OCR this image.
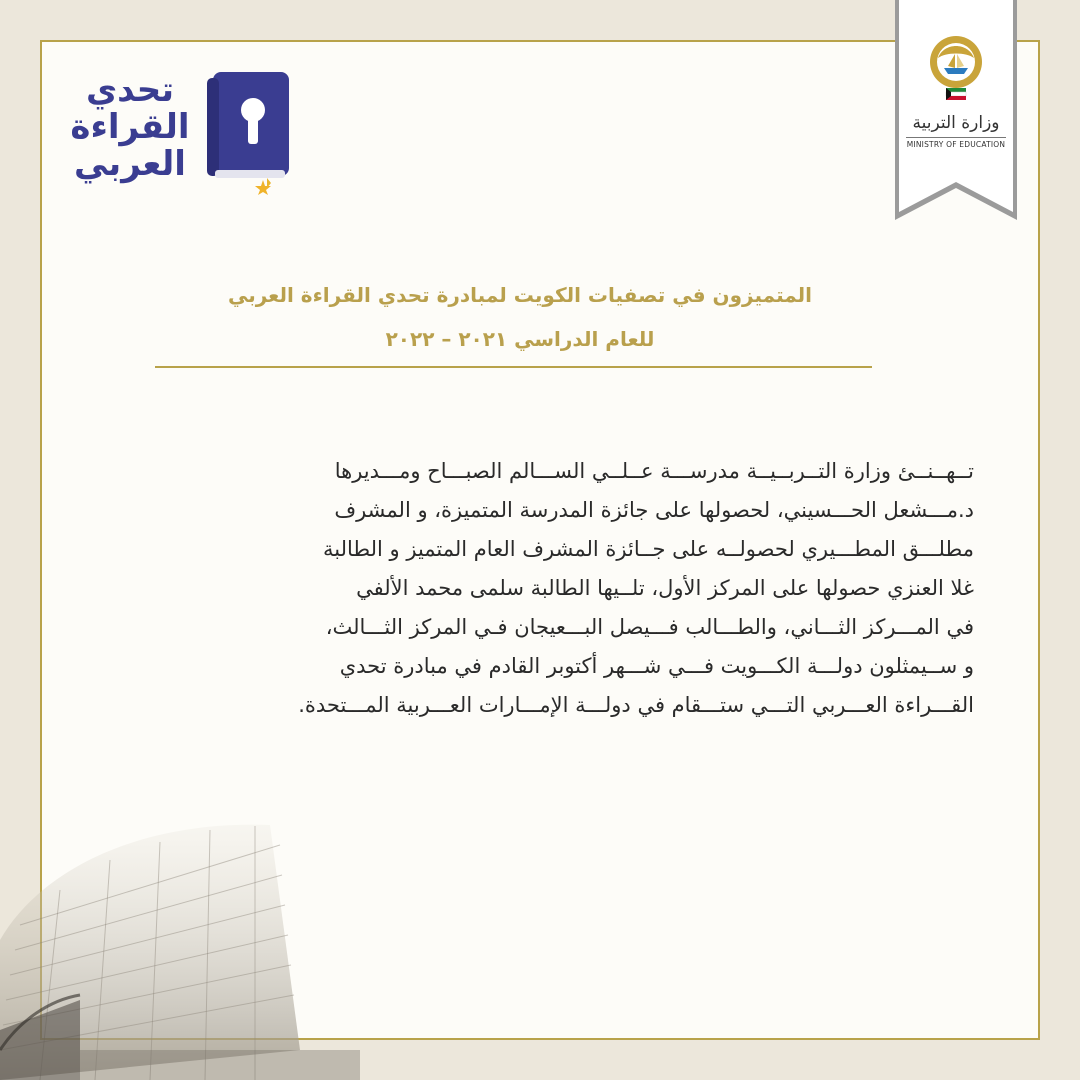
وزارة التربية
MINISTRY OF EDUCATION
تحدي
القراءة
العربي
المتميزون في تصفيات الكويت لمبادرة تحدي القراءة العربي
للعام الدراسي ٢٠٢١ – ٢٠٢٢

تــهــنــئ وزارة التــربــيــة مدرســـة عــلــي الســـالم الصبـــاح ومـــديرها
د.مـــشعل الحـــسيني، لحصولها على جائزة المدرسة المتميزة، و المشرف
مطلـــق المطـــيري لحصولــه على جــائزة المشرف العام المتميز و الطالبة
غلا العنزي حصولها على المركز الأول، تلــيها الطالبة سلمى محمد الألفي
في المـــركز الثـــاني، والطـــالب فـــيصل البـــعيجان فـي المركز الثـــالث،
و ســيمثلون دولـــة الكـــويت فـــي شـــهر أكتوبر القادم في مبادرة تحدي
القـــراءة العـــربي التـــي ستـــقام في دولـــة الإمـــارات العـــربية المـــتحدة.
